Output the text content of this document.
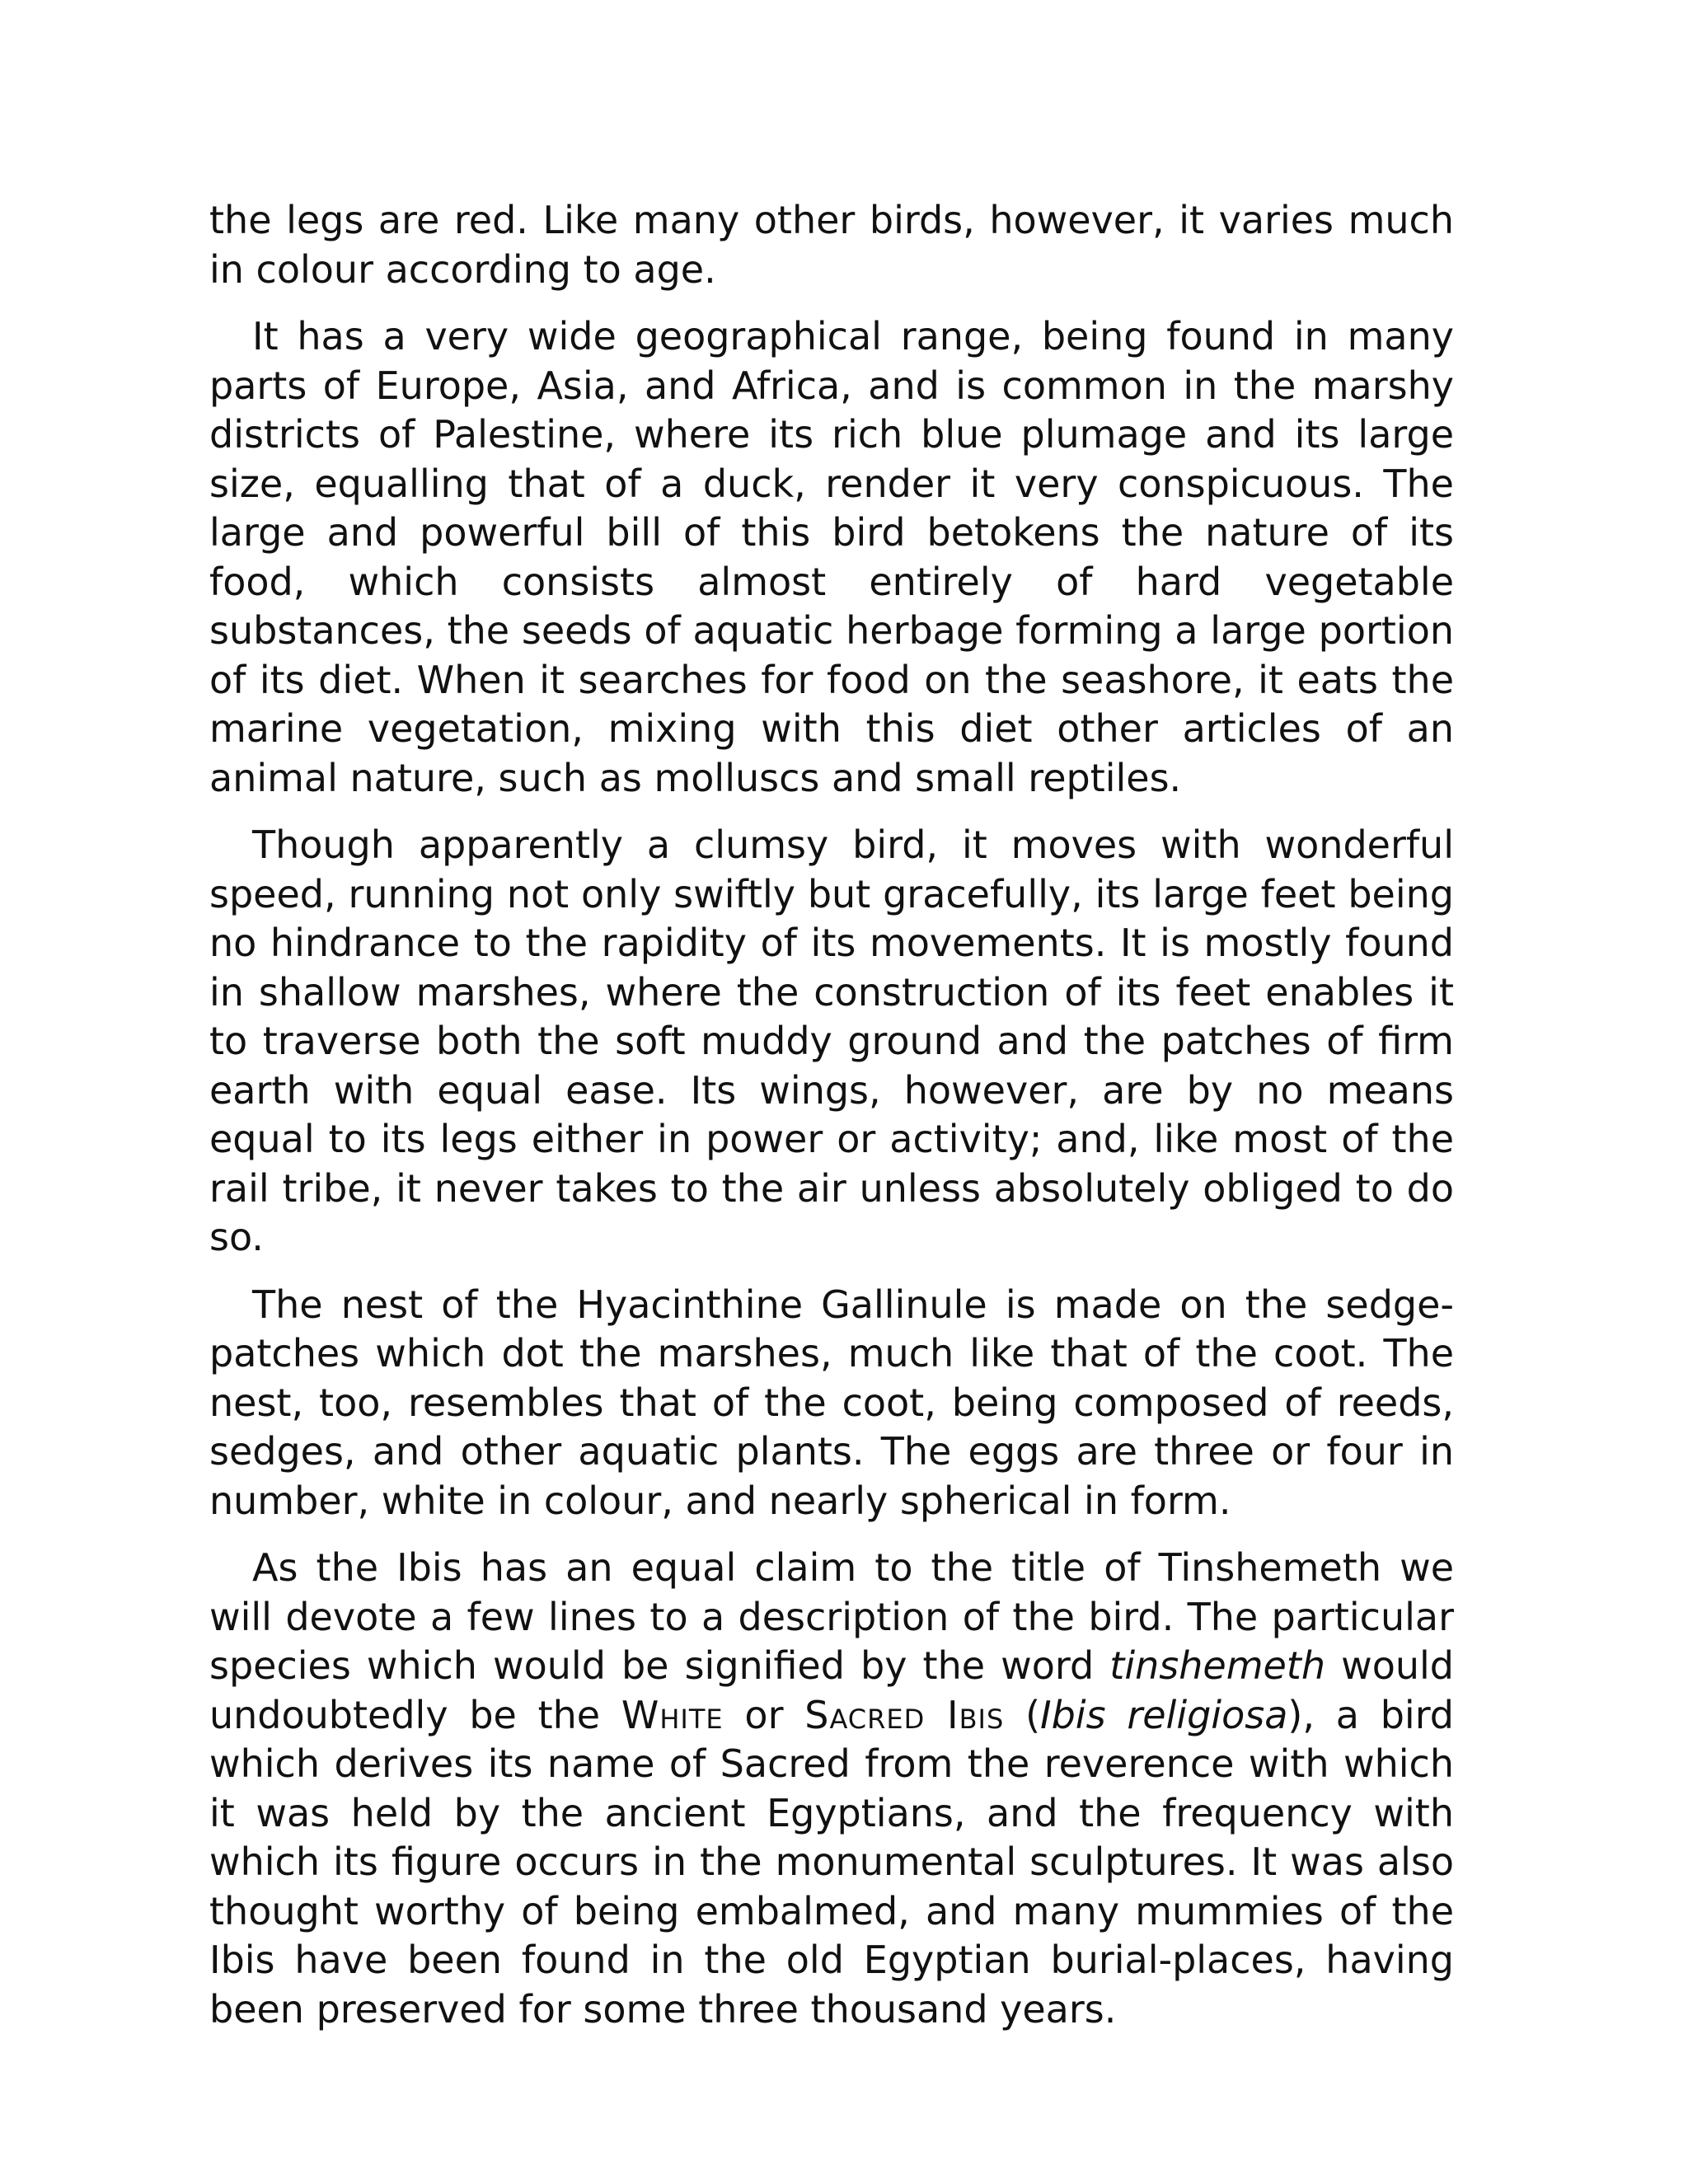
the legs are red. Like many other birds, however, it varies much in colour according to age.

It has a very wide geographical range, being found in many parts of Europe, Asia, and Africa, and is common in the marshy districts of Palestine, where its rich blue plumage and its large size, equalling that of a duck, render it very conspicuous. The large and powerful bill of this bird betokens the nature of its food, which consists almost entirely of hard vegetable substances, the seeds of aquatic herbage forming a large portion of its diet. When it searches for food on the seashore, it eats the marine vegetation, mixing with this diet other articles of an animal nature, such as molluscs and small reptiles.

Though apparently a clumsy bird, it moves with wonderful speed, running not only swiftly but gracefully, its large feet being no hindrance to the rapidity of its movements. It is mostly found in shallow marshes, where the construction of its feet enables it to traverse both the soft muddy ground and the patches of firm earth with equal ease. Its wings, however, are by no means equal to its legs either in power or activity; and, like most of the rail tribe, it never takes to the air unless absolutely obliged to do so.

The nest of the Hyacinthine Gallinule is made on the sedge-patches which dot the marshes, much like that of the coot. The nest, too, resembles that of the coot, being composed of reeds, sedges, and other aquatic plants. The eggs are three or four in number, white in colour, and nearly spherical in form.

As the Ibis has an equal claim to the title of Tinshemeth we will devote a few lines to a description of the bird. The particular species which would be signified by the word tinshemeth would undoubtedly be the White or Sacred Ibis (Ibis religiosa), a bird which derives its name of Sacred from the reverence with which it was held by the ancient Egyptians, and the frequency with which its figure occurs in the monumental sculptures. It was also thought worthy of being embalmed, and many mummies of the Ibis have been found in the old Egyptian burial-places, having been preserved for some three thousand years.
